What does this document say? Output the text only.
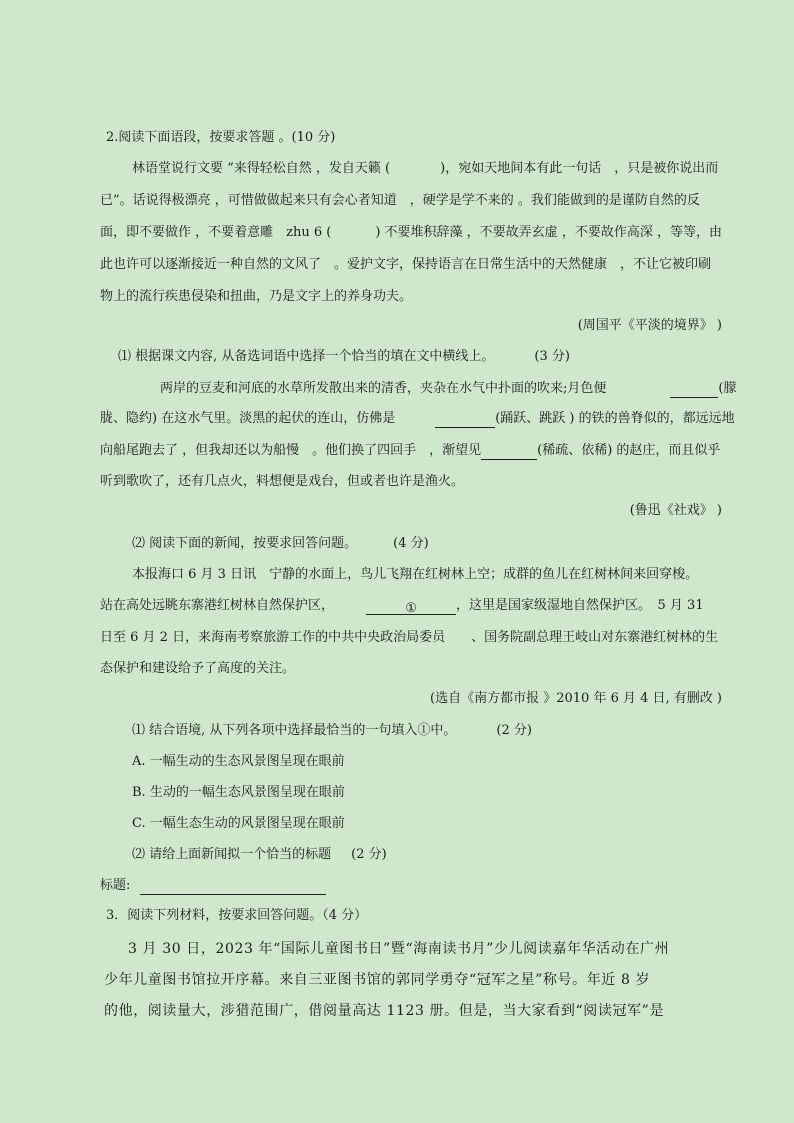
2.阅读下面语段，按要求答题 。(10 分)
林语堂说行文要 “来得轻松自然 ，发自天籁 (	)，宛如天地间本有此一句话　，只是被你说出而
已”。话说得极漂亮 ，可惜做做起来只有会心者知道　，硬学是学不来的 。我们能做到的是谨防自然的反
面，即不要做作 ，不要着意雕　zhu 6 (	) 不要堆积辞藻 ，不要故弄玄虚 ，不要故作高深 ，等等，由
此也许可以逐渐接近一种自然的文风了　。爱护文字，保持语言在日常生活中的天然健康　，不让它被印刷
物上的流行疾患侵染和扭曲，乃是文字上的养身功夫。
(周国平《平淡的境界》 )
⑴ 根据课文内容, 从备选词语中选择一个恰当的填在文中横线上。	(3 分)
两岸的豆麦和河底的水草所发散出来的清香，夹杂在水气中扑面的吹来;月色便	(朦
胧、隐约) 在这水气里。淡黑的起伏的连山，仿佛是	(踊跃、跳跃 ) 的铁的兽脊似的，都远远地
向船尾跑去了 ，但我却还以为船慢　。他们换了四回手　，渐望见	(稀疏、依稀) 的赵庄，而且似乎
听到歌吹了，还有几点火，料想便是戏台，但或者也许是渔火。
(鲁迅《社戏》 )
⑵ 阅读下面的新闻，按要求回答问题。	(4 分)
本报海口 6 月 3 日讯　宁静的水面上，鸟儿飞翔在红树林上空；成群的鱼儿在红树林间来回穿梭。
站在高处远眺东寨港红树林自然保护区，	①	，这里是国家级湿地自然保护区。　5 月 31
日至 6 月 2 日，来海南考察旅游工作的中共中央政治局委员　　、国务院副总理王岐山对东寨港红树林的生
态保护和建设给予了高度的关注。
(选自《南方都市报 》2010 年 6 月 4 日, 有删改 )
⑴ 结合语境, 从下列各项中选择最恰当的一句填入①中。	(2 分)
A. 一幅生动的生态风景图呈现在眼前
B. 生动的一幅生态风景图呈现在眼前
C. 一幅生态生动的风景图呈现在眼前
⑵ 请给上面新闻拟一个恰当的标题 (2 分)
标题:
3．阅读下列材料，按要求回答问题。（4 分）
3 月 30 日，2023 年“国际儿童图书日”暨“海南读书月”少儿阅读嘉年华活动在广州
少年儿童图书馆拉开序幕。来自三亚图书馆的郭同学勇夺“冠军之星”称号。年近 8 岁
的他，阅读量大，涉猎范围广，借阅量高达 1123 册。但是，当大家看到“阅读冠军”是
